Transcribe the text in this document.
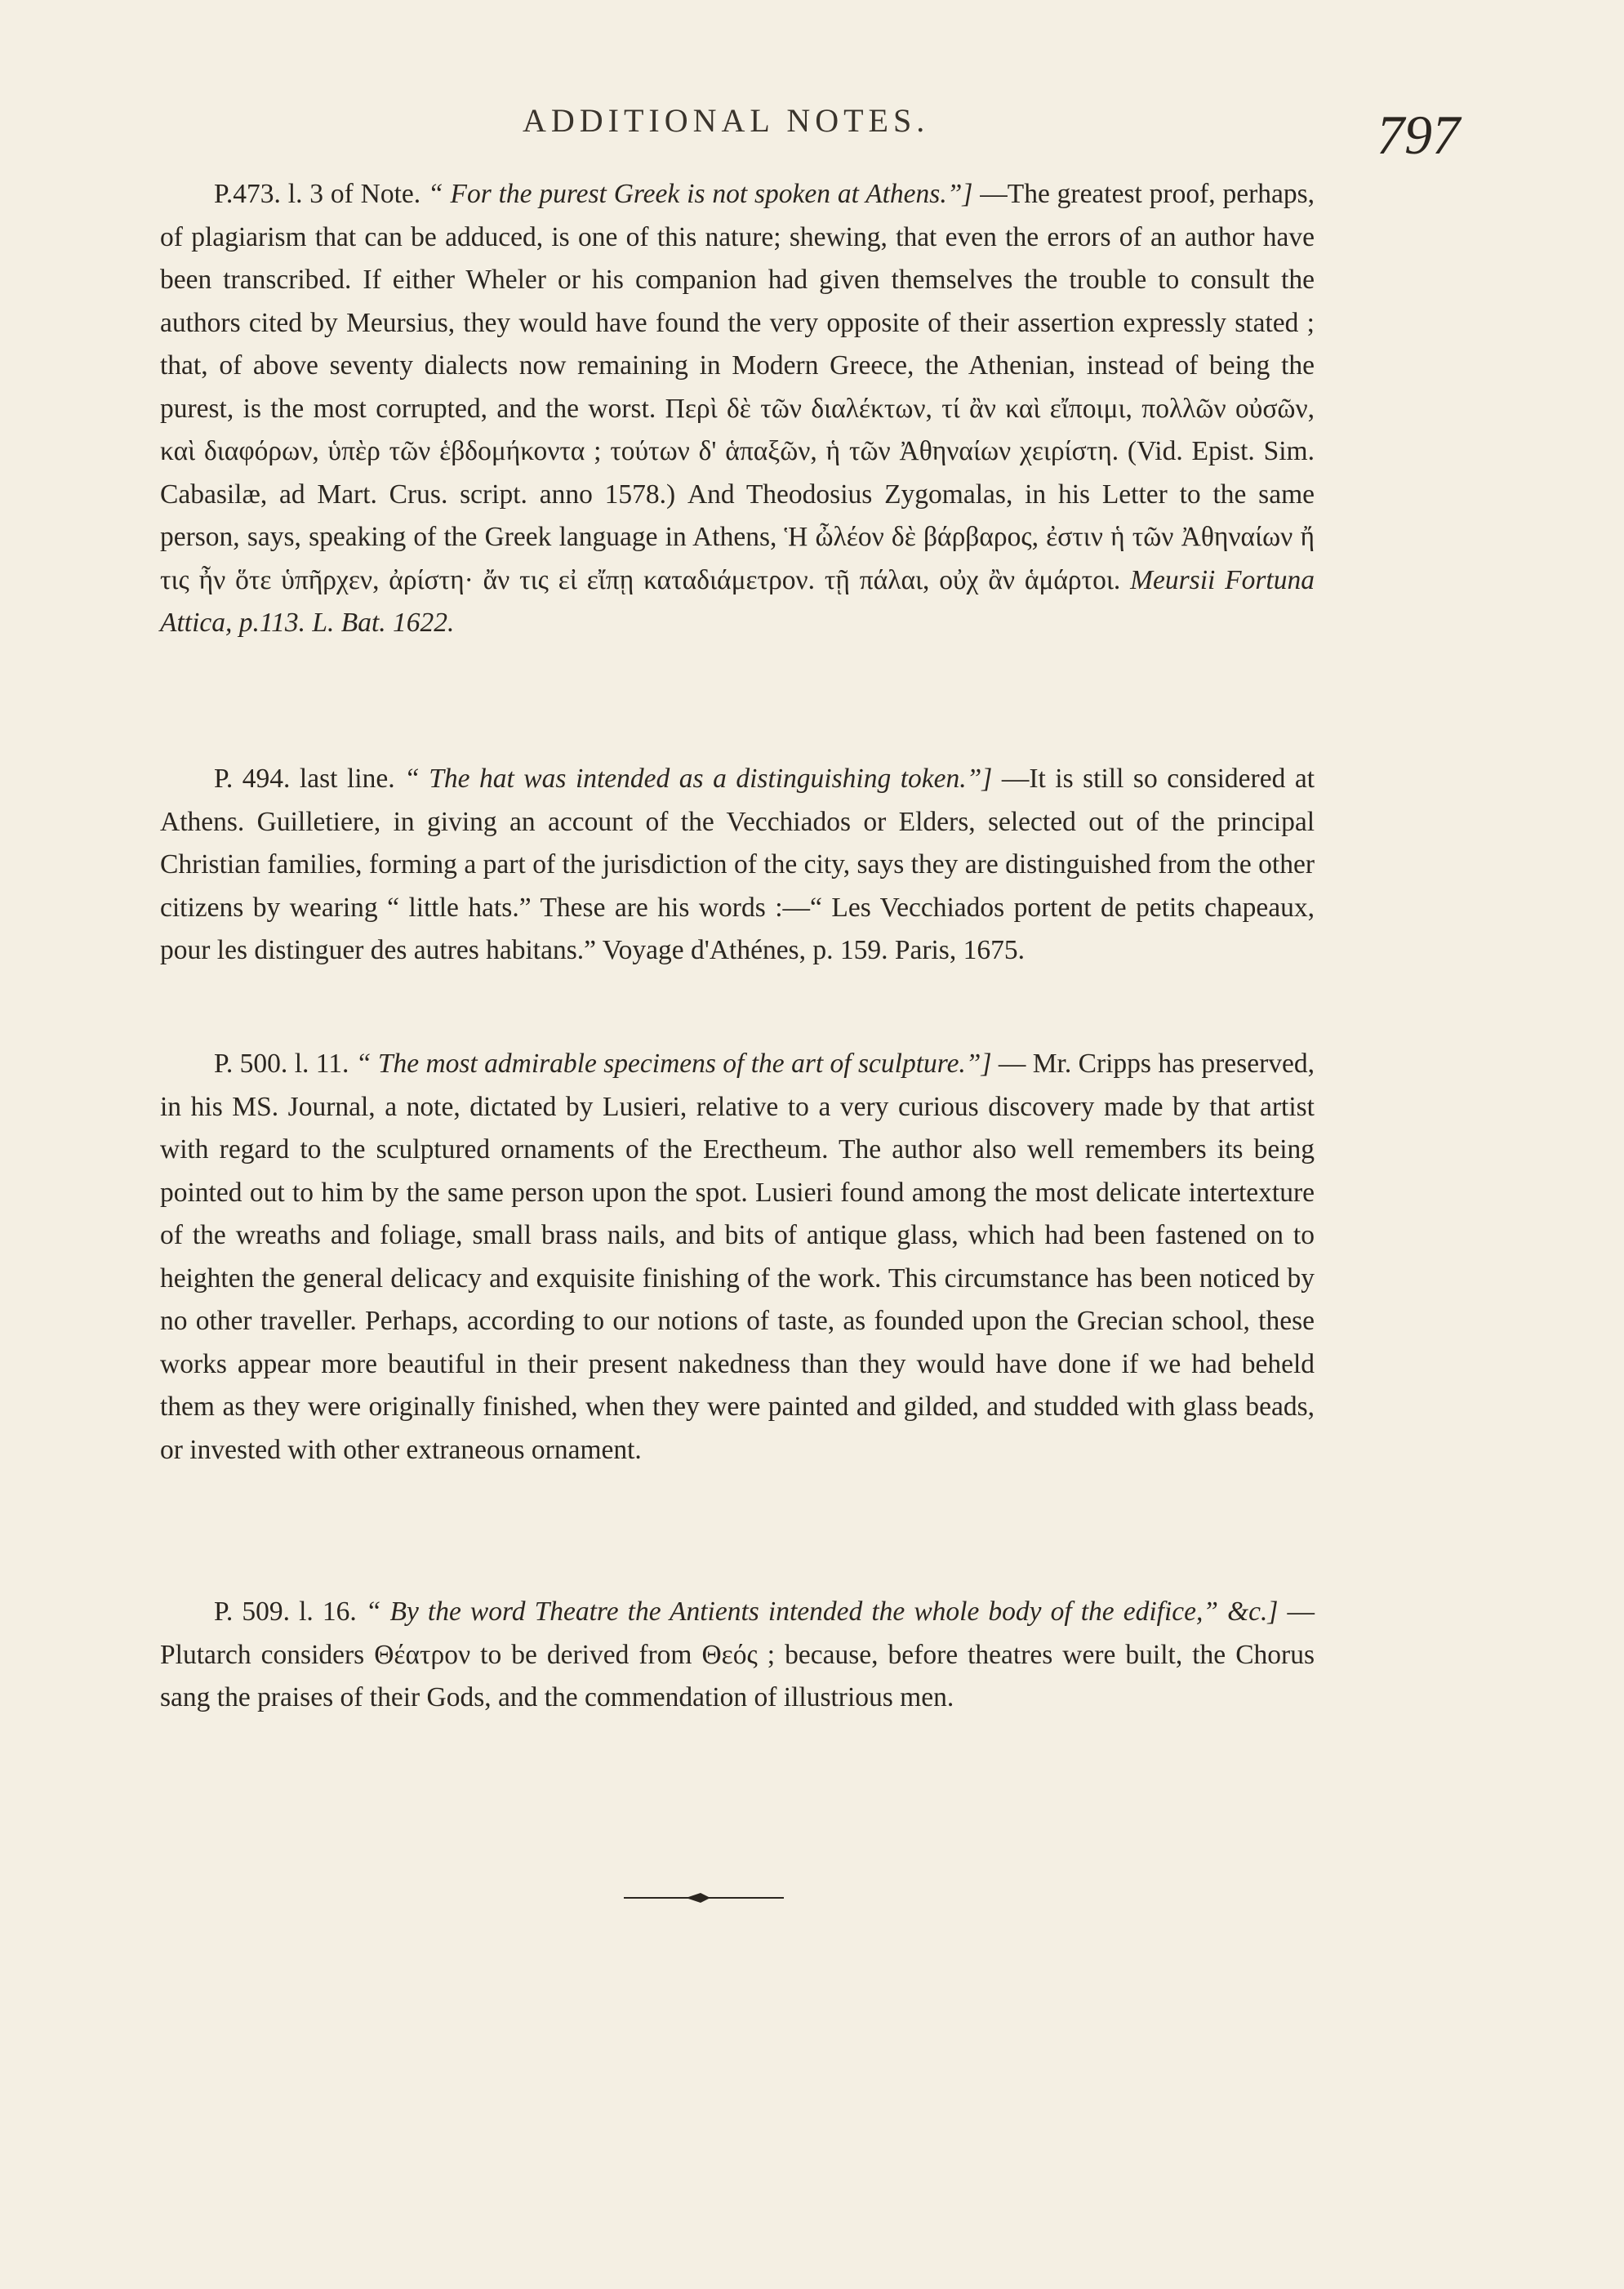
ADDITIONAL NOTES.	797

P.473. l. 3 of Note. “ For the purest Greek is not spoken at Athens.”] —The greatest proof, perhaps, of plagiarism that can be adduced, is one of this nature; shewing, that even the errors of an author have been transcribed. If either Wheler or his companion had given themselves the trouble to consult the authors cited by Meursius, they would have found the very opposite of their assertion expressly stated ; that, of above seventy dialects now remaining in Modern Greece, the Athenian, instead of being the purest, is the most corrupted, and the worst. Περὶ δὲ τῶν διαλέκτων, τί ἂν καὶ εἴποιμι, πολλῶν οὐσῶν, καὶ διαφόρων, ὑπὲρ τῶν ἑβδομήκοντα ; τούτων δ' ἁπαξῶν, ἡ τῶν Ἀθηναίων χειρίστη. (Vid. Epist. Sim. Cabasilæ, ad Mart. Crus. script. anno 1578.) And Theodosius Zygomalas, in his Letter to the same person, says, speaking of the Greek language in Athens, Ἡ ὦλέον δὲ βάρβαρος, ἐστιν ἡ τῶν Ἀθηναίων ἤ τις ἦν ὅτε ὑπῆρχεν, ἀρίστη· ἄν τις εἰ εἴπῃ καταδιάμετρον. τῇ πάλαι, οὐχ ἂν ἁμάρτοι. Meursii Fortuna Attica, p.113. L. Bat. 1622.

P. 494. last line. “ The hat was intended as a distinguishing token.”] —It is still so considered at Athens. Guilletiere, in giving an account of the Vecchiados or Elders, selected out of the principal Christian families, forming a part of the jurisdiction of the city, says they are distinguished from the other citizens by wearing “ little hats.” These are his words :—“ Les Vecchiados portent de petits chapeaux, pour les distinguer des autres habitans.” Voyage d'Athénes, p. 159. Paris, 1675.

P. 500. l. 11. “ The most admirable specimens of the art of sculpture.”] — Mr. Cripps has preserved, in his MS. Journal, a note, dictated by Lusieri, relative to a very curious discovery made by that artist with regard to the sculptured ornaments of the Erectheum. The author also well remembers its being pointed out to him by the same person upon the spot. Lusieri found among the most delicate intertexture of the wreaths and foliage, small brass nails, and bits of antique glass, which had been fastened on to heighten the general delicacy and exquisite finishing of the work. This circumstance has been noticed by no other traveller. Perhaps, according to our notions of taste, as founded upon the Grecian school, these works appear more beautiful in their present nakedness than they would have done if we had beheld them as they were originally finished, when they were painted and gilded, and studded with glass beads, or invested with other extraneous ornament.

P. 509. l. 16. “ By the word Theatre the Antients intended the whole body of the edifice,” &c.] —Plutarch considers Θέατρον to be derived from Θεός ; because, before theatres were built, the Chorus sang the praises of their Gods, and the commendation of illustrious men.
